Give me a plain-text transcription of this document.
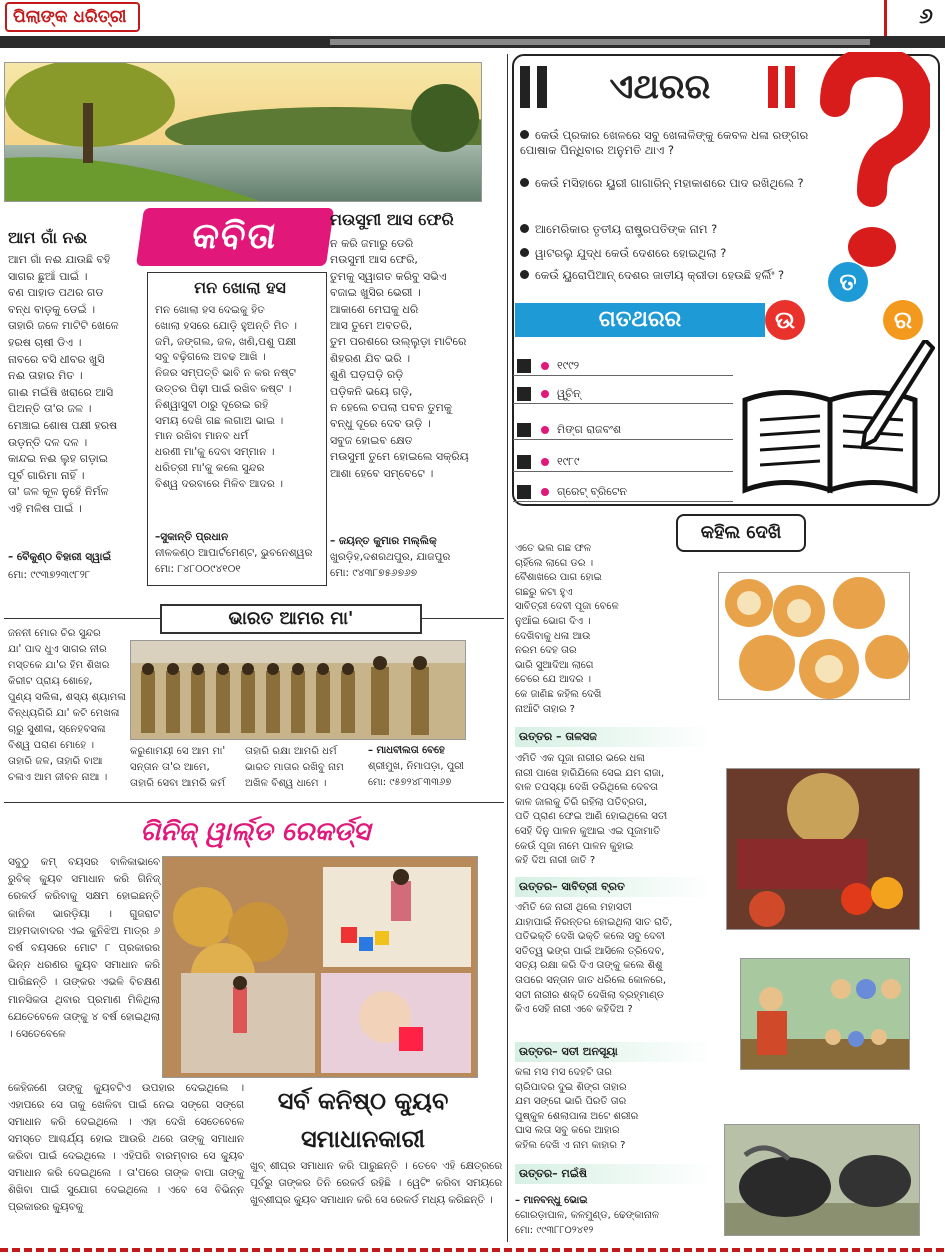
ପିଲାଙ୍କ ଧରିତ୍ରୀ	୬
କବିତା
ଆମ ଗାଁ ନଈ
ଆମ ଗାଁ ନଈ ଯାଉଛି ବହି
ସାଗର ଛୁଆଁ ପାଇଁ ।
ବଣ ପାହାଡ ପଥର ଗଡ
ବନ୍ଧ ବାଡ଼କୁ ଡେଇଁ ।
ତାହାରି ଜଳେ ମାଟିଟି ଖେଳେ
ହରଷ ଚାଷୀ ଡିଏ ।
ନାବରେ ବସି ଧୀବର ଖୁସି
ନଈ ତାହାର ମିତ ।
ଗାଈ ମଇଁଷି ଖରାରେ ଆସି
ପିଅନ୍ତି ତା'ର ଜଳ ।
ମେଞ୍ଚାଇ ଶୋଷ ପକ୍ଷୀ ହରଷ
ଉଡ଼ନ୍ତି ଦଳ ଦଳ ।
କାନ୍ଦଇ ନଈ ଲୁହ ଗଡ଼ାଇ
ପୂର୍ବ ଗାରିମା ନାହିଁ ।
ତା' ଜଳ କୂଳ ନୁହେଁ ନିର୍ମଳ
ଏହି ମଳିଷ ପାଇଁ ।
– ବୈକୁଣ୍ଠ ବିହାରୀ ସ୍ୱାଇଁ
ମୋ: ୯୯୩୭୨୩୯୮୨୮
ମନ ଖୋଲା ହସ
ମନ ଖୋଲା ହସ ଦେଇକୁ ହିତ
ଖୋଲା ହସରେ ଯୋଡ଼ି ହୁଅନ୍ତି ମିତ ।
ଜମି, ଜଙ୍ଗଲ, ଜଳ, ଖଣି,ପଶୁ ପକ୍ଷୀ
ସବୁ ବଢ଼ିଗଲେ ଅବଢ ଆଖି ।
ନିଜର ସମ୍ପତ୍ତି ଭାବି ନ କର ନଷ୍ଟ
ଉତ୍ତର ପିଢ଼ୀ ପାଇଁ ରଖିବ କଷ୍ଟ ।
ନିଶ୍ୱାସୁବୀ ଠାରୁ ଦୂରେଇ ରହି
ସମୟ ଦେଖି ଗଛ ଲଗାଅ ଭାଇ ।
ମାନ ରଖିବା ମାନବ ଧର୍ମ
ଧରଣୀ ମା'କୁ ଦେବା ସମ୍ମାନ ।
ଧରିତ୍ରୀ ମା'କୁ କଲେ ସୁନ୍ଦର
ବିଶ୍ୱ ଦରବାରେ ମିଳିବ ଆଦର ।
–ସୁକାନ୍ତି ପ୍ରଧାନ
ନୀଳକଣ୍ଠ ଆପାର୍ଟମେଣ୍ଟ, ଭୁବନେଶ୍ୱର
ମୋ: ୮୪୮୦୦୯୪୧୦୧
ମଉସୁମୀ ଆସ ଫେରି
ନ କରି ଜମାରୁ ଡେରି
ମଉସୁମୀ ଆସ ଫେରି,
ତୁମକୁ ସ୍ୱାଗତ କରିବୁ ସଭିଏ
ବଜାଇ ଖୁସିର ଭେରୀ ।
ଆକାଶେ ମେଘକୁ ଧରି
ଆସ ତୁମେ ଅବତରି,
ତୁମ ପରଶରେ ଉଲ୍ଲୁଡ଼ା ମାଟିରେ
ଶିହରଣ ଯିବ ଭରି ।
ଶୁଣି ଘଡ଼ଘଡ଼ି ରଡ଼ି
ପଡ଼ିକନି ଭୟେ ଗଡ଼ି,
ନ ହେଲେ ଚପଲା ପବନ ତୁମକୁ
ବନ୍ଧୁ ଦୂରେ ଦେବ ଉଡ଼ି ।
ସବୁଜ ହୋଇବ କ୍ଷେତ
ମଉସୁମୀ ତୁମେ ହୋଇଲେ ସକ୍ରିୟ
ଆଶା ହେବେ ସମ୍ବେଟେ ।
– ଜୟନ୍ତ କୁମାର ମଲ୍ଲିକ୍
ଖୁରଡ଼ିହ,ଦଶରଥପୁର, ଯାଜପୁର
ମୋ: ୯୪୩୮୭୫୬୭୬୭
ଏଥରର
କେଉଁ ପ୍ରକାର ଖେଳରେ ସବୁ ଖେଳାଳିଙ୍କୁ କେବଳ ଧଳା ରଙ୍ଗର ପୋଷାକ ପିନ୍ଧିବାର ଅନୁମତି ଥାଏ ?
କେଉଁ ମସିହାରେ ୟୁରୀ ଗାଗାରିନ୍ ମହାକାଶରେ ପାଦ ରଖିଥିଲେ ?
ଆମେରିକାର ତୃତୀୟ ରାଷ୍ଟ୍ରପତିଙ୍କ ନାମ ?
ୱାଟରଲୁ ଯୁଦ୍ଧ କେଉଁ ଦେଶରେ ହୋଇଥିଲା ?
କେଉଁ ୟୁରୋପିଆନ୍ ଦେଶର ଜାତୀୟ କ୍ରୀଡା ହେଉଛି ହର୍ଲିଂ ?
ଗତଥରର	ଉ
ତ
ର
୧୯୯୨
ୱୁଚିନ୍
ମିଙ୍ଗ ରାଜବଂଶ
୧୯୮୯
ଗ୍ରେଟ୍ ବ୍ରିଟେନ
ଭାରତ ଆମର ମା'
ଜନନୀ ମୋର ଚିର ସୁନ୍ଦର
ଯା' ପାଦ ଧୁଏ ସାଗର ନୀର
ମସ୍ତକେ ଯା'ର ହିମ ଶିଖର
କିରୀଟ ପ୍ରାୟ ଶୋହେ,
ପୁଣ୍ୟ ସଲିଳା, ଶସ୍ୟ ଶ୍ୟାମଳା
ବିନ୍ଧ୍ୟଗିରି ଯା' କଟି ମେଖଳା
ଚାରୁ ସୁଶୀଳା, ସ୍ନେହବସଳା
ବିଶ୍ୱ ପରାଣ ମୋହେ ।
ତାହାରି ଜଳ, ତାହାରି ବାଆ
ଚଳାଏ ଆମ ଜୀବନ ନାଆ ।
କରୁଣାମୟୀ ସେ ଆମ ମା'
ସନ୍ତାନ ତା'ର ଆମେ,
ତାହାରି ସେବା ଆମରି କର୍ମ
ତାହାରି ରକ୍ଷା ଆମରି ଧର୍ମ
ଭାରତ ମାତାର ରଖିବୁ ନାମ
ଅଖିଳ ବିଶ୍ୱ ଧାମେ ।
– ମାଧବୀଲତା ବେହେ
ଶ୍ରୀମୁଖ, ନିମାପଡ଼ା, ପୁରୀ
ମୋ: ୯୫୭୨୪୮୩୩୬୭
ଗିନିଜ୍ ୱାର୍ଲ୍ଡ ରେକର୍ଡ୍ସ
ସବୁଠୁ କମ୍ ବୟସର ବାଳିକାଭାବେ ରୁବିକ୍ କ୍ୟୁବ ସମାଧାନ କରି ଗିନିଜ୍ ରେକର୍ଡ କରିବାକୁ ସକ୍ଷମ ହୋଇଛନ୍ତି କାନିକା ଭାରଡ଼ିୟା । ଗୁଜରାଟ ଅହମଦାବାଦର ଏଇ କୁନିଝିଅ ମାତ୍ର ୬ ବର୍ଷ ବୟସରେ ମୋଟ ୮ ପ୍ରକାରର ଭିନ୍ନ ଧରଣର କ୍ୟୁବ ସମାଧାନ କରି ପାରିଛନ୍ତି । ତାଙ୍କର ଏଭଳି ବିଚକ୍ଷଣ ମାନସିକତା ଥିବାର ପ୍ରମାଣ ମିଳିଥିଲା ଯେତେବେଳେ ତାଙ୍କୁ ୪ ବର୍ଷ ହୋଇଥିଲା । ସେତେବେଳେ
କେହିଜଣେ ତାଙ୍କୁ କ୍ୟୁବଟିଏ ଉପହାର ଦେଇଥିଲେ । ଏହାପରେ ସେ ତାକୁ ଖେଳିବା ପାଇଁ ନେଇ ସଙ୍ଗେ ସଙ୍ଗେ ସମାଧାନ କରି ଦେଇଥିଲେ । ଏହା ଦେଖି ସେତେବେଳେ ସମସ୍ତେ ଆଶ୍ଚର୍ଯ୍ୟ ହୋଇ ଆଉରି ଥରେ ତାଙ୍କୁ ସମାଧାନ କରିବା ପାଇଁ ଦେଇଥିଲେ । ଏହିପରି ବାରମ୍ବାର ସେ କ୍ୟୁବ ସମାଧାନ କରି ଦେଇଥିଲେ । ତା'ପରେ ତାଙ୍କ ବାପା ତାଙ୍କୁ ଶିଖିବା ପାଇଁ ସୁଯୋଗ ଦେଇଥିଲେ । ଏବେ ସେ ବିଭିନ୍ନ ପ୍ରକାରର କ୍ୟୁବକୁ
ସର୍ବ କନିଷ୍ଠ କ୍ୟୁବ ସମାଧାନକାରୀ
ଖୁବ୍ ଶୀଘ୍ର ସମାଧାନ କରି ପାରୁଛନ୍ତି । ତେବେ ଏହି କ୍ଷେତ୍ରରେ ପୂର୍ବରୁ ତାଙ୍କର ତିନି ରେକର୍ଡ ରହିଛି । ୱେଟିଂ କରିବା ସମୟରେ ଖୁବ୍‌ଶୀଘ୍ର କ୍ୟୁବ ସମାଧାନ କରି ସେ ରେକର୍ଡ ମଧ୍ୟ କରିଛନ୍ତି ।
କହିଲ ଦେଖି
ଏତେ ଭଲ ଗଛ ଫଳ
ଚାହିଁଲେ ଲାଗେ ଡର ।
ବୈଶାଖରେ ପାଗ ହୋଇ
ଗଛରୁ କଟା ହୁଏ
ସାବିତ୍ରୀ ଦେବୀ ପୂଜା ବେଳେ
ନୁଆଁଇ ଭୋଗ ଦିଏ ।
ଦେଖିବାକୁ ଧଳା ଆଉ
ନରମ ଦେହ ତାର
ଭାରି ସୁଆଦିଆ ଲାଗେ
ଚେରେ ଯେ ଆଦର ।
କେ ଜାଣିଛ କହିଲ ଦେଖି
ନାଆଁଟି ତାହାର ?
ଉତ୍ତର – ତାଳସଜ
ଏମିତି ଏକ ପୂଜା ନାରୀର ଭରେ ଧଳା
ନାରୀ ପାଖେ ହାରିଯିଲେ ସେଇ ଯମ ରାଜା,
ବାଳ ତପସ୍ୟା ଦେଖି ଡରିଥିଲେ ଦେବତା
କାଳ ଜାଲକୁ ଚିରି ରହିଲା ପତିବ୍ରତା,
ପତି ପ୍ରାଣ ଫେଇ ଆଣି ହୋଇଥିଲେ ସତୀ
ସେହି ଦିନୁ ପାଳନ କୁଆଇ ଏଇ ପୂଜାମାତି
କେଉଁ ପୂଜା ନାମେ ପାଳନ କୁହାଇ
କହି ଦିଅ ନାରୀ ଜାତି ?
ଉତ୍ତର– ସାବିତ୍ରୀ ବ୍ରତ
ଏମିତି ଜେ ନାରୀ ଥିଲେ ମହାସତୀ
ଯାହାପାଇଁ ନିରନ୍ତର ହୋଇଥିଲା ସାତ ରାତି,
ପତିଭକ୍ତି ଦେଖି ଭକ୍ତି କଲେ ସବୁ ଦେବୀ
ସତିତ୍ୱ ଭଙ୍ଗ ପାଇଁ ଆସିଲେ ତ୍ରିଦେବ,
ସତ୍ୟ ରକ୍ଷା କରି ଦିଏ ତାଙ୍କୁ କଲେ ଶିଶୁ
ତାପରେ ସନ୍ତାନ ଜାତ ଧରିଲେ କୋଳରେ,
ସତୀ ନାରୀର ଶକ୍ତି ଦେଖିଲା ବ୍ରହ୍ମାଣ୍ଡ
କିଏ ସେହି ନାରୀ ଏବେ କହିଦିଅ ?
ଉତ୍ତର– ସତୀ ଅନସୂୟା
କଳା ମସ ମସ ଦେହଟି ତାର
ଚାରିପାଦର ଦୁଇ ଶିଙ୍ଗ ତାହାର
ଯମ ସଙ୍ଗେ ଭାରି ପିରତି ତାର
ପୁଷ୍କୁଳ ଶେଲାପାଳା ଅଟେ ଶରୀର
ଘାସ ଲତା ସବୁ କରେ ଆହାର
କହିଲ ଦେଖି ଏ ନାମ କାହାର ?
ଉତ୍ତର– ମଇଁଷି
– ମାନବନ୍ଧୁ ଭୋଇ
ଗୋରଡ଼ାପାଳ, କଳମୁଣ୍ଡ, ଢେଙ୍କାନାଳ
ମୋ: ୯୯୩୮୮୦୨୪୧୨
